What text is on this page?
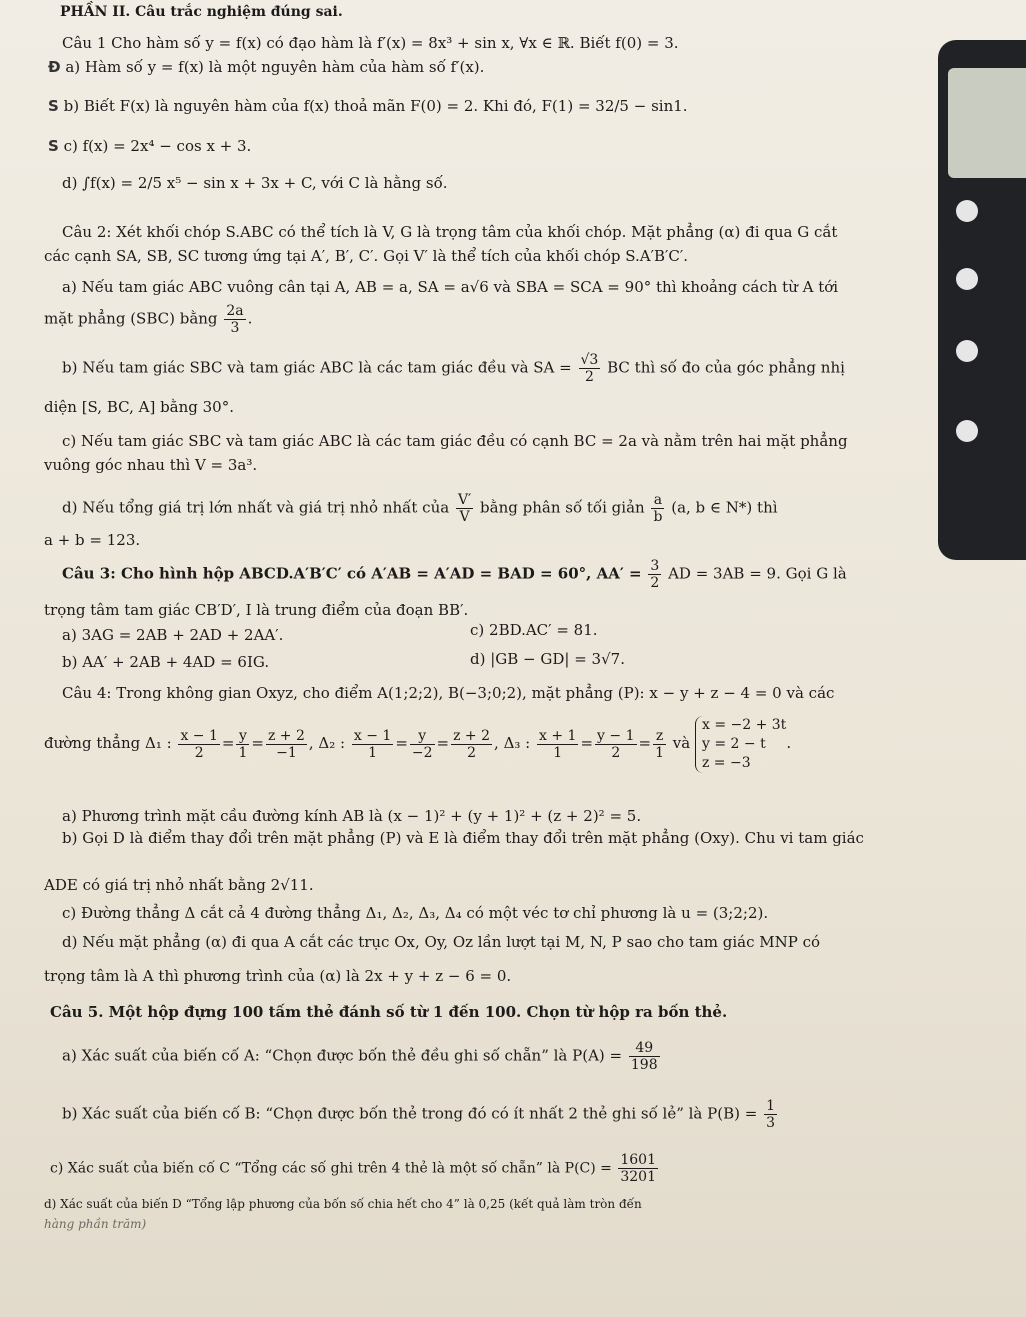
PHẦN II. Câu trắc nghiệm đúng sai.
Câu 1 Cho hàm số y = f(x) có đạo hàm là f′(x) = 8x³ + sin x, ∀x ∈ ℝ. Biết f(0) = 3.
Đ a) Hàm số y = f(x) là một nguyên hàm của hàm số f′(x).
S b) Biết F(x) là nguyên hàm của f(x) thoả mãn F(0) = 2. Khi đó, F(1) = 32/5 − sin1.
S c) f(x) = 2x⁴ − cos x + 3.
d) ∫f(x) = 2/5 x⁵ − sin x + 3x + C, với C là hằng số.
Câu 2: Xét khối chóp S.ABC có thể tích là V, G là trọng tâm của khối chóp. Mặt phẳng (α) đi qua G cắt
các cạnh SA, SB, SC tương ứng tại A′, B′, C′. Gọi V′ là thể tích của khối chóp S.A′B′C′.
a) Nếu tam giác ABC vuông cân tại A, AB = a, SA = a√6 và SBA = SCA = 90° thì khoảng cách từ A tới
mặt phẳng (SBC) bằng $\frac{2a}{3}$ .
b) Nếu tam giác SBC và tam giác ABC là các tam giác đều và SA = $\frac{√3}{2}$ BC thì số đo của góc phẳng nhị
diện [S, BC, A] bằng 30°.
c) Nếu tam giác SBC và tam giác ABC là các tam giác đều có cạnh BC = 2a và nằm trên hai mặt phẳng
vuông góc nhau thì V = 3a³.
d) Nếu tổng giá trị lớn nhất và giá trị nhỏ nhất của $\frac{V'}{V}$ bằng phân số tối giản $\frac{a}{b} (a$, b ∈ N*) thì
a + b = 123.
Câu 3: Cho hình hộp ABCD.A′B′C′ có A′AB = A′AD = BAD = 60°, $AA' = \frac{3}{2}$ AD = 3AB = 9. Gọi G là
trọng tâm tam giác CB′D′, I là trung điểm của đoạn BB′.
a) 3AG = 2AB + 2AD + 2AA′.	c) 2BD.AC′ = 81.
b) AA′ + 2AB + 4AD = 6IG.	d) |GB − GD| = 3√7.
Câu 4: Trong không gian Oxyz, cho điểm A(1;2;2), B(−3;0;2), mặt phẳng (P): x − y + z − 4 = 0 và các
đường thẳng Δ₁ : $\frac{x - 1}{2} = \frac{y}{1} = \frac{z + 2}{-1}$ , Δ₂ : $\frac{x - 1}{1} = \frac{y}{-2} = \frac{z + 2}{2}$ , Δ₃ : $\frac{x + 1}{1} = \frac{y - 1}{2} = \frac{z}{1}$ và
x = −2 + 3t
y = 2 − t
z = −3
.
a) Phương trình mặt cầu đường kính AB là (x − 1)² + (y + 1)² + (z + 2)² = 5.
b) Gọi D là điểm thay đổi trên mặt phẳng (P) và E là điểm thay đổi trên mặt phẳng (Oxy). Chu vi tam giác
ADE có giá trị nhỏ nhất bằng 2√11.
c) Đường thẳng Δ cắt cả 4 đường thẳng Δ₁, Δ₂, Δ₃, Δ₄ có một véc tơ chỉ phương là u = (3;2;2).
d) Nếu mặt phẳng (α) đi qua A cắt các trục Ox, Oy, Oz lần lượt tại M, N, P sao cho tam giác MNP có
trọng tâm là A thì phương trình của (α) là 2x + y + z − 6 = 0.
Câu 5. Một hộp đựng 100 tấm thẻ đánh số từ 1 đến 100. Chọn từ hộp ra bốn thẻ.
a) Xác suất của biến cố A: “Chọn được bốn thẻ đều ghi số chẵn” là $P(A) = \frac{49}{198}$
b) Xác suất của biến cố B: “Chọn được bốn thẻ trong đó có ít nhất 2 thẻ ghi số lẻ” là $P(B) = \frac{1}{3}$
c) Xác suất của biến cố C “Tổng các số ghi trên 4 thẻ là một số chẵn” là $P(C) = \frac{1601}{3201}$
d) Xác suất của biến D “Tổng lập phương của bốn số chia hết cho 4” là 0,25 (kết quả làm tròn đến
hàng phần trăm)
